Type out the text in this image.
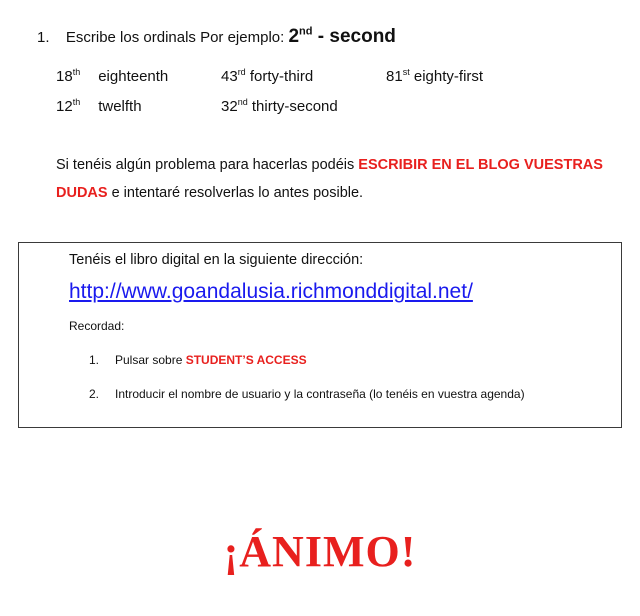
1. Escribe los ordinals Por ejemplo: 2nd - second
18th eighteenth	43rd forty-third	81st eighty-first
12th twelfth	32nd thirty-second
Si tenéis algún problema para hacerlas podéis ESCRIBIR EN EL BLOG VUESTRAS
DUDAS e intentaré resolverlas lo antes posible.
Tenéis el libro digital en la siguiente dirección:
http://www.goandalusia.richmonddigital.net/
Recordad:
1. Pulsar sobre STUDENT’S ACCESS
2. Introducir el nombre de usuario y la contraseña (lo tenéis en vuestra agenda)
¡ÁNIMO!
